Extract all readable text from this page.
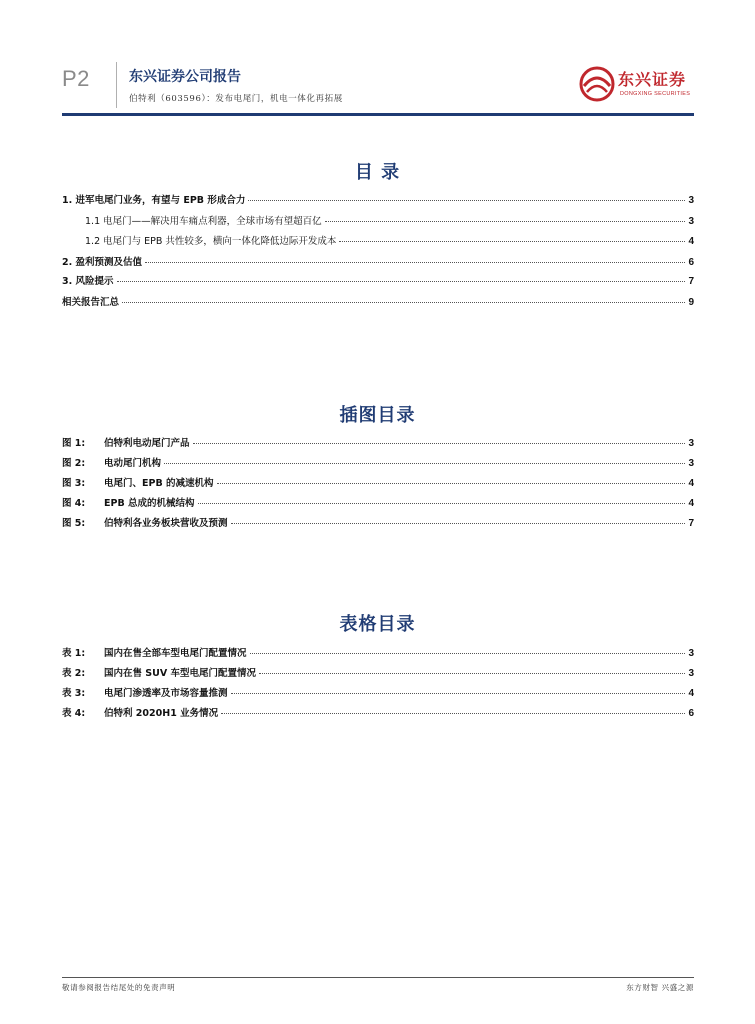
P2	东兴证券公司报告
伯特利（603596）：发布电尾门，机电一体化再拓展
东兴证券
DONGXING SECURITIES
目 录
1. 进军电尾门业务，有望与 EPB 形成合力	3
1.1 电尾门——解决用车痛点利器，全球市场有望超百亿	3
1.2 电尾门与 EPB 共性较多，横向一体化降低边际开发成本	4
2. 盈利预测及估值	6
3. 风险提示	7
相关报告汇总	9
插图目录
图 1:	伯特利电动尾门产品	3
图 2:	电动尾门机构	3
图 3:	电尾门、EPB 的减速机构	4
图 4:	EPB 总成的机械结构	4
图 5:	伯特利各业务板块营收及预测	7
表格目录
表 1:	国内在售全部车型电尾门配置情况	3
表 2:	国内在售 SUV 车型电尾门配置情况	3
表 3:	电尾门渗透率及市场容量推测	4
表 4:	伯特利 2020H1 业务情况	6
敬请参阅报告结尾处的免责声明	东方财智 兴盛之源
